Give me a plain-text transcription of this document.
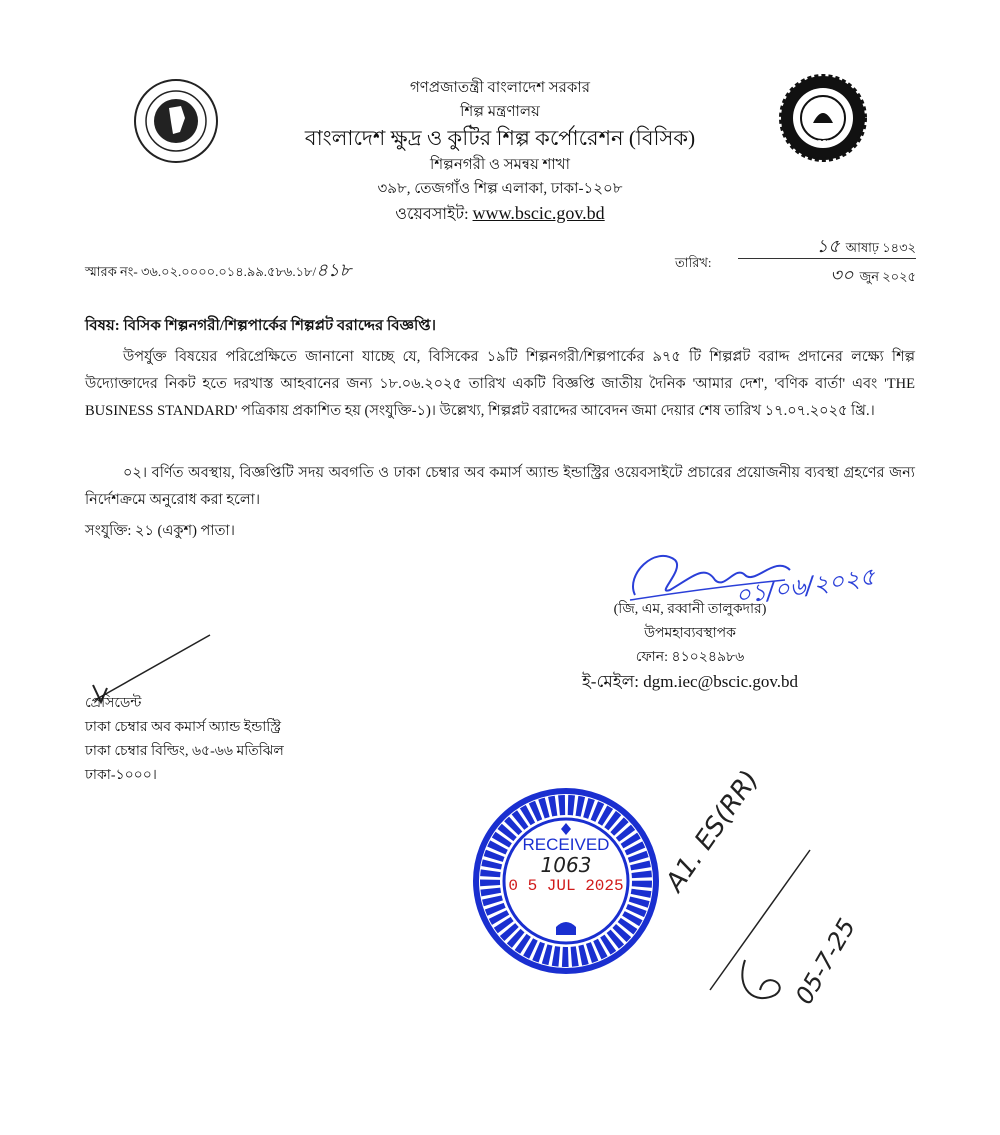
BSCIC
গণপ্রজাতন্ত্রী বাংলাদেশ সরকার
শিল্প মন্ত্রণালয়
বাংলাদেশ ক্ষুদ্র ও কুটির শিল্প কর্পোরেশন (বিসিক)
শিল্পনগরী ও সমন্বয় শাখা
৩৯৮, তেজগাঁও শিল্প এলাকা, ঢাকা-১২০৮
ওয়েবসাইট: www.bscic.gov.bd
স্মারক নং- ৩৬.০২.০০০০.০১৪.৯৯.৫৮৬.১৮/৪১৮	তারিখ:
১৫ আষাঢ় ১৪৩২
৩০ জুন ২০২৫
বিষয়: বিসিক শিল্পনগরী/শিল্পপার্কের শিল্পপ্লট বরাদ্দের বিজ্ঞপ্তি।
উপর্যুক্ত বিষয়ের পরিপ্রেক্ষিতে জানানো যাচ্ছে যে, বিসিকের ১৯টি শিল্পনগরী/শিল্পপার্কের ৯৭৫ টি শিল্পপ্লট বরাদ্দ প্রদানের লক্ষ্যে শিল্প উদ্যোক্তাদের নিকট হতে দরখাস্ত আহবানের জন্য ১৮.০৬.২০২৫ তারিখ একটি বিজ্ঞপ্তি জাতীয় দৈনিক 'আমার দেশ', 'বণিক বার্তা' এবং 'THE BUSINESS STANDARD' পত্রিকায় প্রকাশিত হয় (সংযুক্তি-১)। উল্লেখ্য, শিল্পপ্লট বরাদ্দের আবেদন জমা দেয়ার শেষ তারিখ ১৭.০৭.২০২৫ খ্রি.।
০২। বর্ণিত অবস্থায়, বিজ্ঞপ্তিটি সদয় অবগতি ও ঢাকা চেম্বার অব কমার্স অ্যান্ড ইন্ডাস্ট্রির ওয়েবসাইটে প্রচারের প্রয়োজনীয় ব্যবস্থা গ্রহণের জন্য নির্দেশক্রমে অনুরোধ করা হলো।
সংযুক্তি: ২১ (একুশ) পাতা।
০১/০৬/২০২৫
(জি, এম, রব্বানী তালুকদার)
উপমহাব্যবস্থাপক
ফোন: ৪১০২৪৯৮৬
ই-মেইল: dgm.iec@bscic.gov.bd
প্রেসিডেন্ট
ঢাকা চেম্বার অব কমার্স অ্যান্ড ইন্ডাস্ট্রি
ঢাকা চেম্বার বিল্ডিং, ৬৫-৬৬ মতিঝিল
ঢাকা-১০০০।
RECEIVED
1063
0 5 JUL 2025	A1. ES(RR)
05-7-25
